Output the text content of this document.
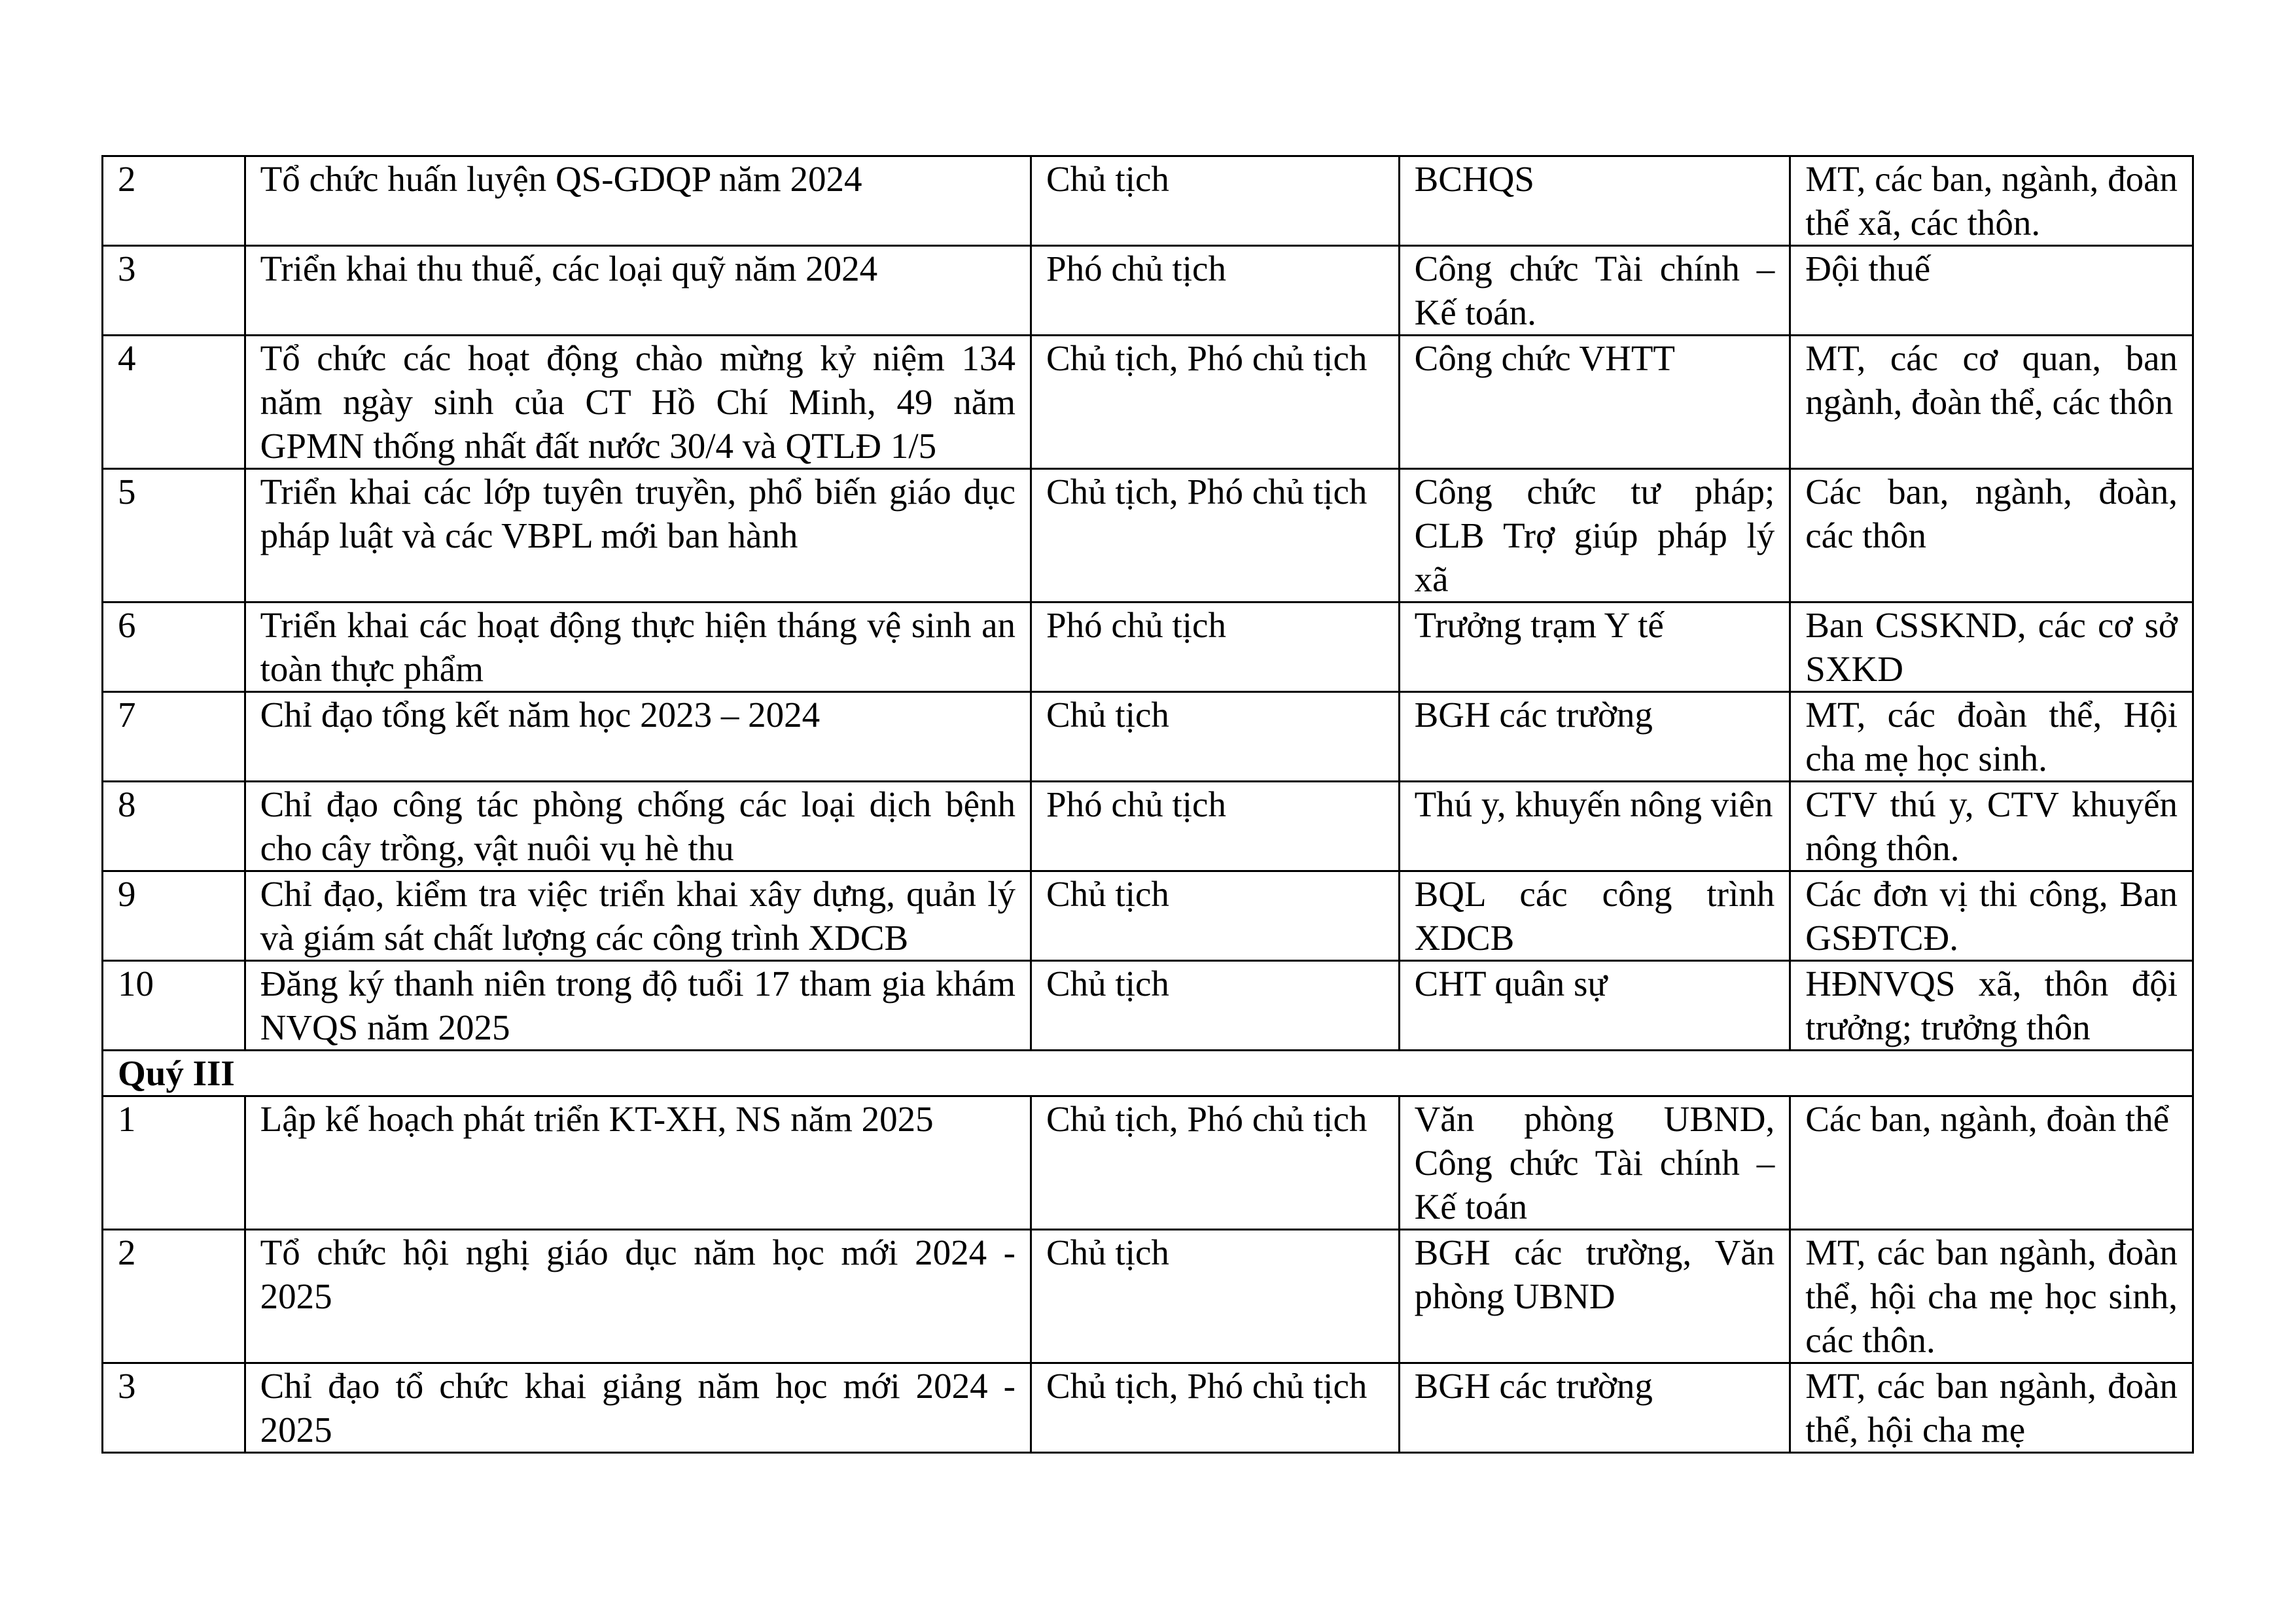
2	Tổ chức huấn luyện QS-GDQP năm 2024	Chủ tịch	BCHQS	MT, các ban, ngành, đoàn thể xã, các thôn.
3	Triển khai thu thuế, các loại quỹ năm 2024	Phó chủ tịch	Công chức Tài chính – Kế toán.	Đội thuế
4	Tổ chức các hoạt động chào mừng kỷ niệm 134 năm ngày sinh của CT Hồ Chí Minh, 49 năm GPMN thống nhất đất nước 30/4 và QTLĐ 1/5	Chủ tịch, Phó chủ tịch	Công chức VHTT	MT, các cơ quan, ban ngành, đoàn thể, các thôn
5	Triển khai các lớp tuyên truyền, phổ biến giáo dục pháp luật và các VBPL mới ban hành	Chủ tịch, Phó chủ tịch	Công chức tư pháp; CLB Trợ giúp pháp lý xã	Các ban, ngành, đoàn, các thôn
6	Triển khai các hoạt động thực hiện tháng vệ sinh an toàn thực phẩm	Phó chủ tịch	Trưởng trạm Y tế	Ban CSSKND, các cơ sở SXKD
7	Chỉ đạo tổng kết năm học 2023 – 2024	Chủ tịch	BGH các trường	MT, các đoàn thể, Hội cha mẹ học sinh.
8	Chỉ đạo công tác phòng chống các loại dịch bệnh cho cây trồng, vật nuôi vụ hè thu	Phó chủ tịch	Thú y, khuyến nông viên	CTV thú y, CTV khuyến nông thôn.
9	Chỉ đạo, kiểm tra việc triển khai xây dựng, quản lý và giám sát chất lượng các công trình XDCB	Chủ tịch	BQL các công trình XDCB	Các đơn vị thi công, Ban GSĐTCĐ.
10	Đăng ký thanh niên trong độ tuổi 17 tham gia khám NVQS năm 2025	Chủ tịch	CHT quân sự	HĐNVQS xã, thôn đội trưởng; trưởng thôn
Quý III				
1	Lập kế hoạch phát triển KT-XH, NS năm 2025	Chủ tịch, Phó chủ tịch	Văn phòng UBND, Công chức Tài chính – Kế toán	Các ban, ngành, đoàn thể
2	Tổ chức hội nghị giáo dục năm học mới 2024 - 2025	Chủ tịch	BGH các trường, Văn phòng UBND	MT, các ban ngành, đoàn thể, hội cha mẹ học sinh, các thôn.
3	Chỉ đạo tổ chức khai giảng năm học mới 2024 - 2025	Chủ tịch, Phó chủ tịch	BGH các trường	MT, các ban ngành, đoàn thể, hội cha mẹ
